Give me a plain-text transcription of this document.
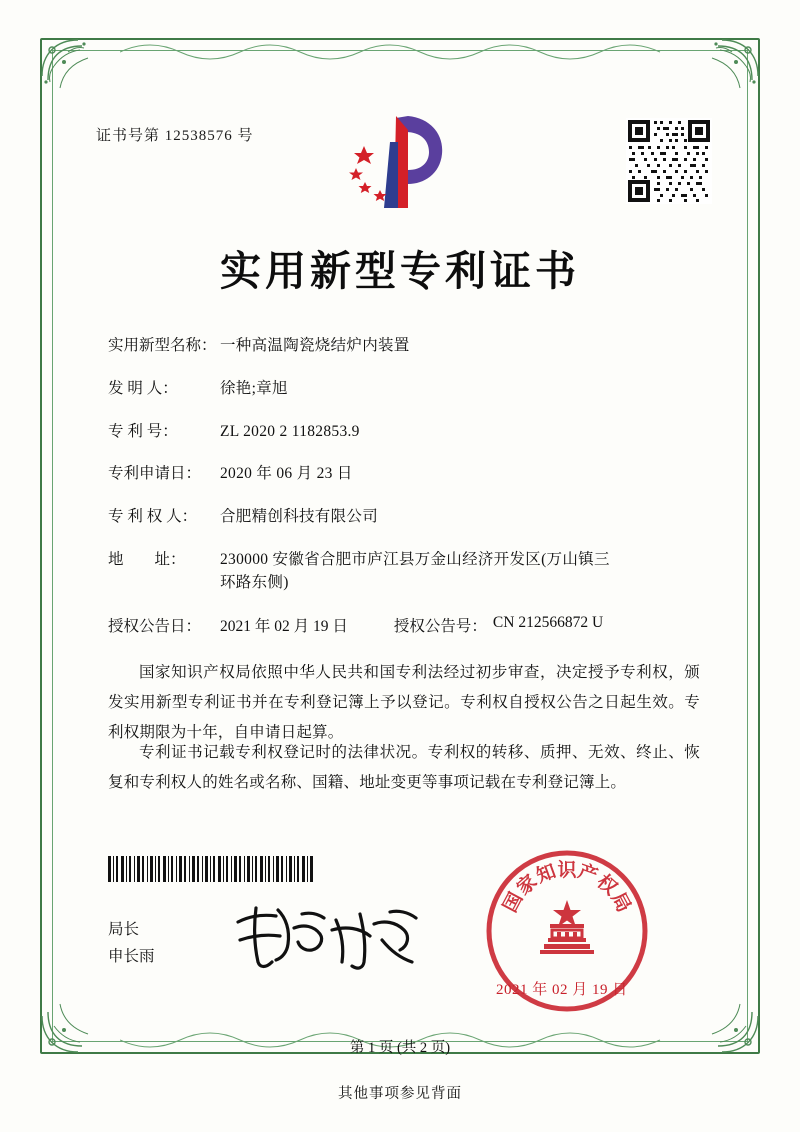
证书号第 12538576 号
实用新型专利证书
实用新型名称： 一种高温陶瓷烧结炉内装置
发 明 人：	徐艳;章旭
专 利 号：	ZL 2020 2 1182853.9
专利申请日：	2020 年 06 月 23 日
专 利 权 人：	合肥精创科技有限公司
地        址：	230000 安徽省合肥市庐江县万金山经济开发区(万山镇三
环路东侧)
授权公告日：	2021 年 02 月 19 日	授权公告号： CN 212566872 U
国家知识产权局依照中华人民共和国专利法经过初步审查，决定授予专利权，颁发实用新型专利证书并在专利登记簿上予以登记。专利权自授权公告之日起生效。专利权期限为十年，自申请日起算。
专利证书记载专利权登记时的法律状况。专利权的转移、质押、无效、终止、恢复和专利权人的姓名或名称、国籍、地址变更等事项记载在专利登记簿上。
局长
申长雨
国
家
知
识
产
权
局
2021 年 02 月 19 日
第 1 页 (共 2 页)
其他事项参见背面
